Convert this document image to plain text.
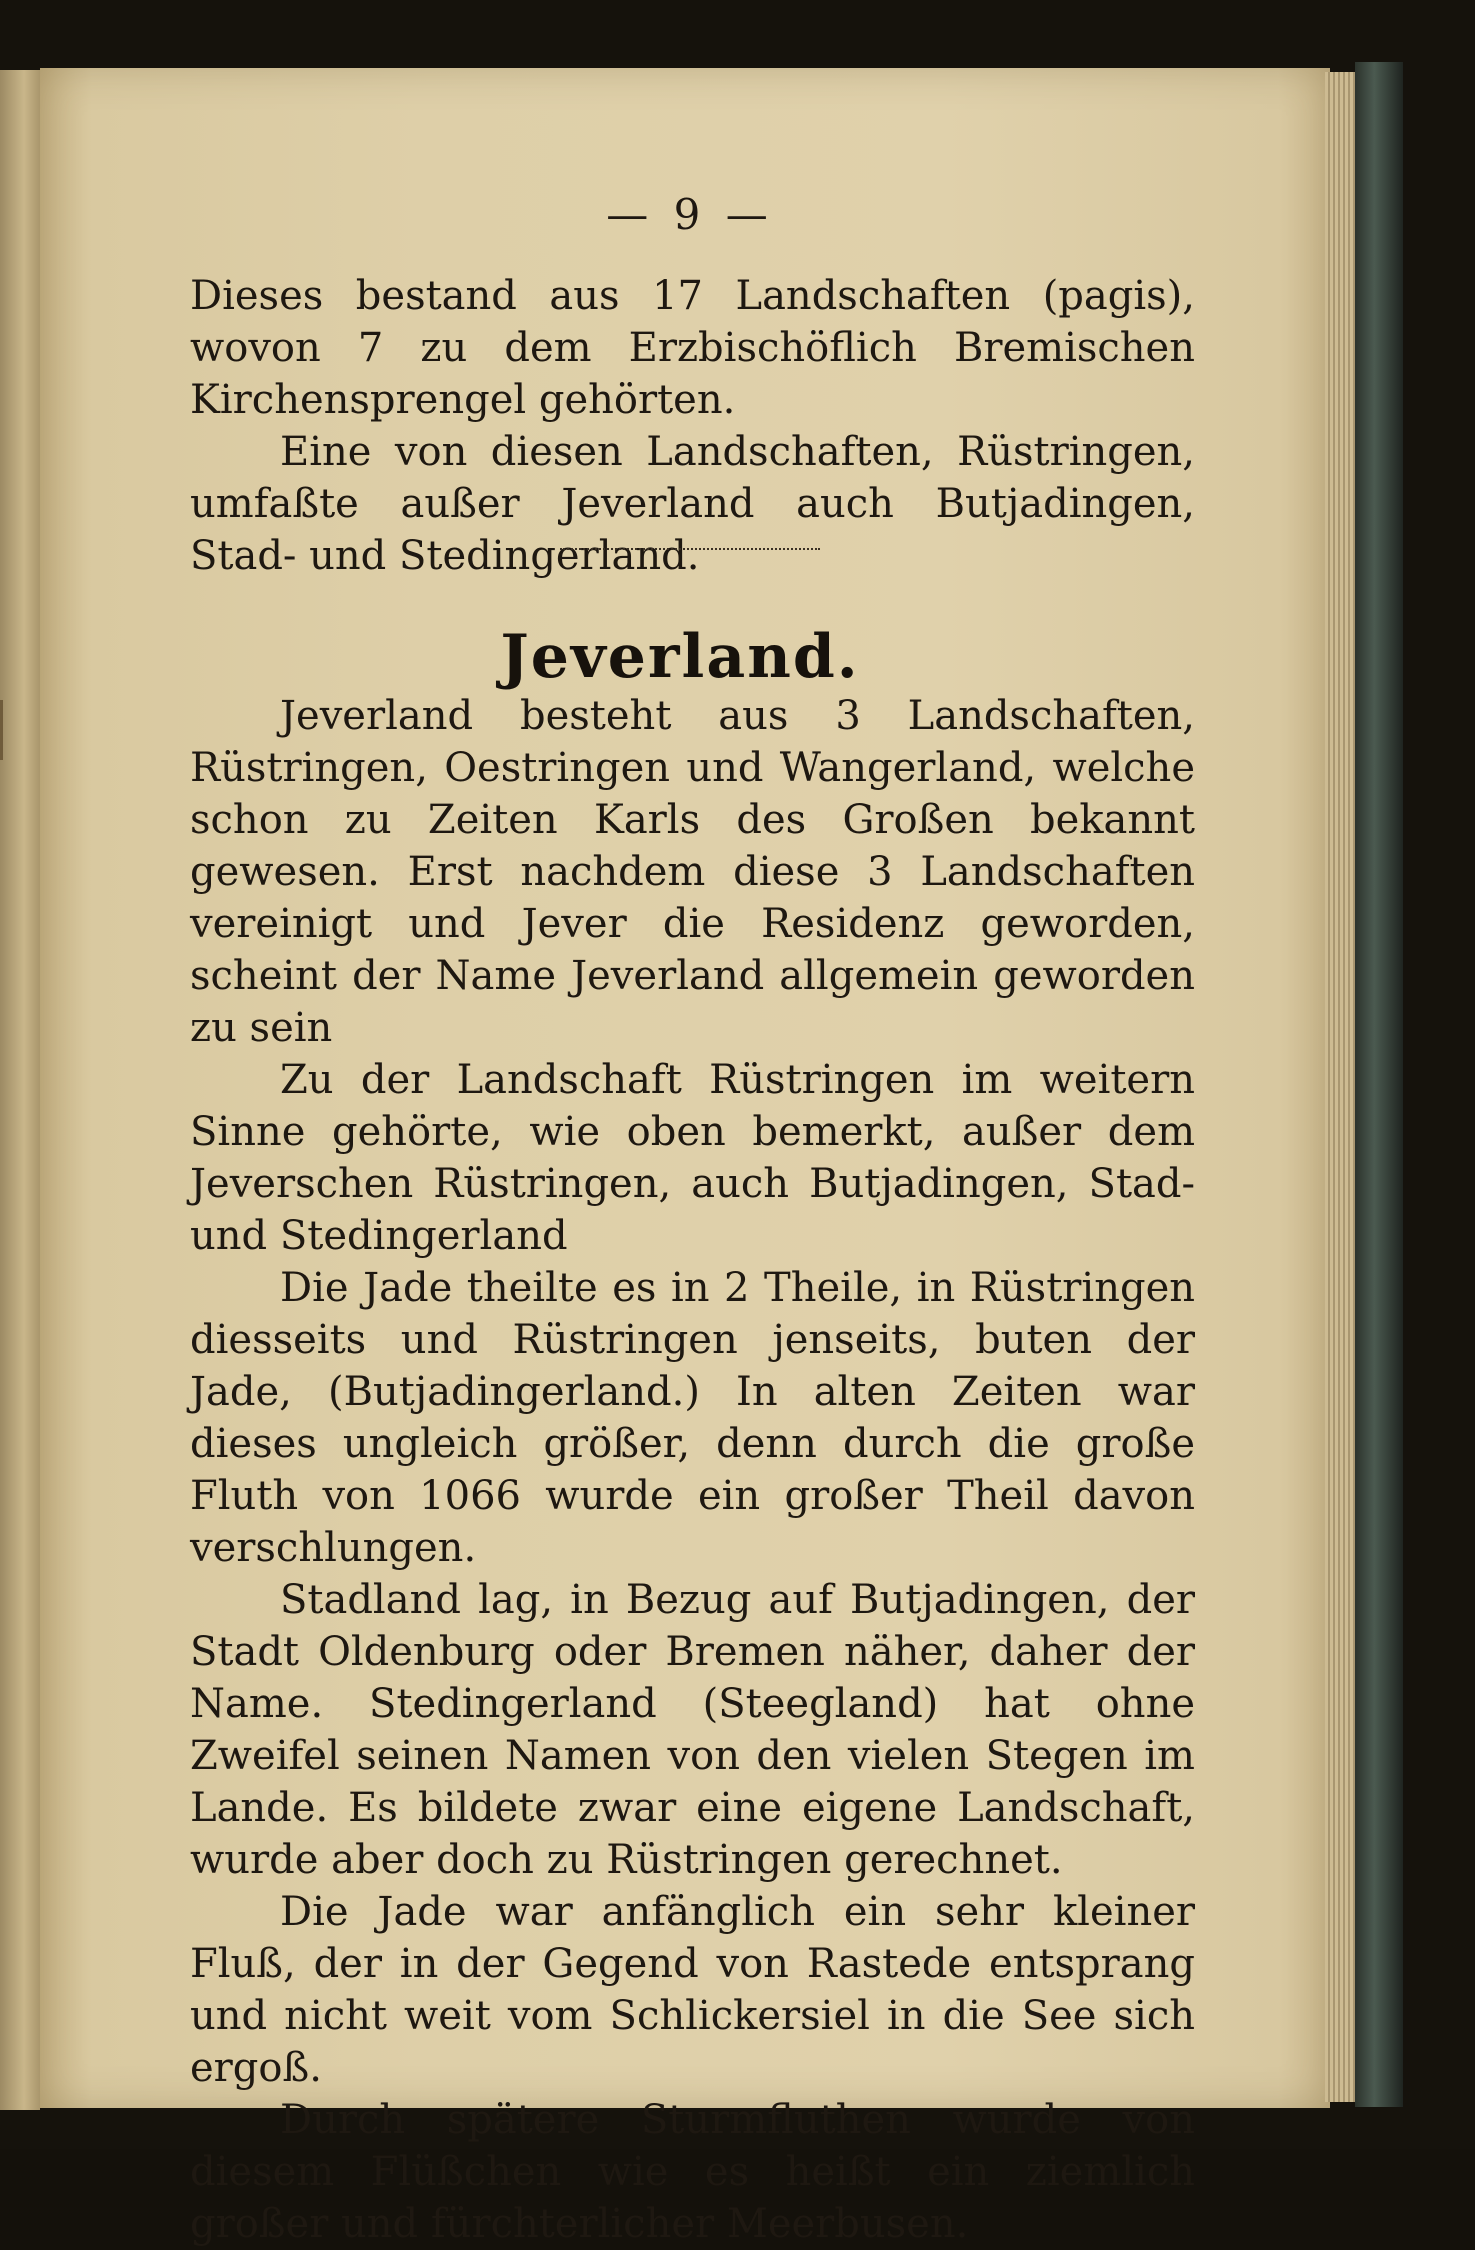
— 9 —

Dieses bestand aus 17 Landschaften (pagis), wovon 7 zu dem Erzbischöflich Bremischen Kirchensprengel gehörten.

Eine von diesen Landschaften, Rüstringen, umfaßte außer Jeverland auch Butjadingen, Stad- und Stedingerland.

Jeverland.

Jeverland besteht aus 3 Landschaften, Rüstringen, Oestringen und Wangerland, welche schon zu Zeiten Karls des Großen bekannt gewesen. Erst nachdem diese 3 Landschaften vereinigt und Jever die Residenz geworden, scheint der Name Jeverland allgemein geworden zu sein

Zu der Landschaft Rüstringen im weitern Sinne gehörte, wie oben bemerkt, außer dem Jeverschen Rüstringen, auch Butjadingen, Stad- und Stedingerland

Die Jade theilte es in 2 Theile, in Rüstringen diesseits und Rüstringen jenseits, buten der Jade, (Butjadingerland.) In alten Zeiten war dieses ungleich größer, denn durch die große Fluth von 1066 wurde ein großer Theil davon verschlungen.

Stadland lag, in Bezug auf Butjadingen, der Stadt Oldenburg oder Bremen näher, daher der Name. Stedingerland (Steegland) hat ohne Zweifel seinen Namen von den vielen Stegen im Lande. Es bildete zwar eine eigene Landschaft, wurde aber doch zu Rüstringen gerechnet.

Die Jade war anfänglich ein sehr kleiner Fluß, der in der Gegend von Rastede entsprang und nicht weit vom Schlickersiel in die See sich ergoß.

Durch spätere Sturmfluthen wurde von diesem Flüßchen wie es heißt ein ziemlich großer und fürchterlicher Meerbusen.
